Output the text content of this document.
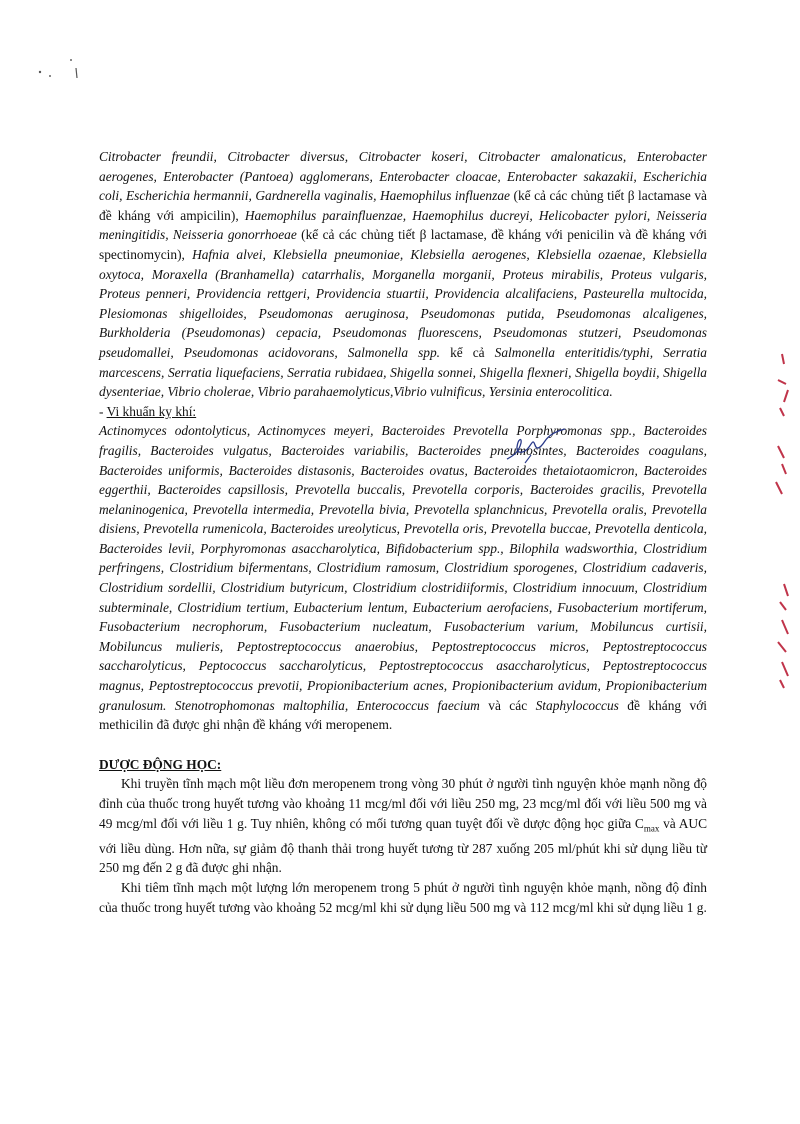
Citrobacter freundii, Citrobacter diversus, Citrobacter koseri, Citrobacter amalonaticus, Enterobacter aerogenes, Enterobacter (Pantoea) agglomerans, Enterobacter cloacae, Enterobacter sakazakii, Escherichia coli, Escherichia hermannii, Gardnerella vaginalis, Haemophilus influenzae (kể cả các chủng tiết β lactamase và đề kháng với ampicilin), Haemophilus parainfluenzae, Haemophilus ducreyi, Helicobacter pylori, Neisseria meningitidis, Neisseria gonorrhoeae (kể cả các chủng tiết β lactamase, đề kháng với penicilin và đề kháng với spectinomycin), Hafnia alvei, Klebsiella pneumoniae, Klebsiella aerogenes, Klebsiella ozaenae, Klebsiella oxytoca, Moraxella (Branhamella) catarrhalis, Morganella morganii, Proteus mirabilis, Proteus vulgaris, Proteus penneri, Providencia rettgeri, Providencia stuartii, Providencia alcalifaciens, Pasteurella multocida, Plesiomonas shigelloides, Pseudomonas aeruginosa, Pseudomonas putida, Pseudomonas alcaligenes, Burkholderia (Pseudomonas) cepacia, Pseudomonas fluorescens, Pseudomonas stutzeri, Pseudomonas pseudomallei, Pseudomonas acidovorans, Salmonella spp. kể cả Salmonella enteritidis/typhi, Serratia marcescens, Serratia liquefaciens, Serratia rubidaea, Shigella sonnei, Shigella flexneri, Shigella boydii, Shigella dysenteriae, Vibrio cholerae, Vibrio parahaemolyticus,Vibrio vulnificus, Yersinia enterocolitica.

- Vi khuẩn kỵ khí:

Actinomyces odontolyticus, Actinomyces meyeri, Bacteroides Prevotella Porphyromonas spp., Bacteroides fragilis, Bacteroides vulgatus, Bacteroides variabilis, Bacteroides pneumosintes, Bacteroides coagulans, Bacteroides uniformis, Bacteroides distasonis, Bacteroides ovatus, Bacteroides thetaiotaomicron, Bacteroides eggerthii, Bacteroides capsillosis, Prevotella buccalis, Prevotella corporis, Bacteroides gracilis, Prevotella melaninogenica, Prevotella intermedia, Prevotella bivia, Prevotella splanchnicus, Prevotella oralis, Prevotella disiens, Prevotella rumenicola, Bacteroides ureolyticus, Prevotella oris, Prevotella buccae, Prevotella denticola, Bacteroides levii, Porphyromonas asaccharolytica, Bifidobacterium spp., Bilophila wadsworthia, Clostridium perfringens, Clostridium bifermentans, Clostridium ramosum, Clostridium sporogenes, Clostridium cadaveris, Clostridium sordellii, Clostridium butyricum, Clostridium clostridiiformis, Clostridium innocuum, Clostridium subterminale, Clostridium tertium, Eubacterium lentum, Eubacterium aerofaciens, Fusobacterium mortiferum, Fusobacterium necrophorum, Fusobacterium nucleatum, Fusobacterium varium, Mobiluncus curtisii, Mobiluncus mulieris, Peptostreptococcus anaerobius, Peptostreptococcus micros, Peptostreptococcus saccharolyticus, Peptococcus saccharolyticus, Peptostreptococcus asaccharolyticus, Peptostreptococcus magnus, Peptostreptococcus prevotii, Propionibacterium acnes, Propionibacterium avidum, Propionibacterium granulosum. Stenotrophomonas maltophilia, Enterococcus faecium và các Staphylococcus đề kháng với methicilin đã được ghi nhận đề kháng với meropenem.

DƯỢC ĐỘNG HỌC:

Khi truyền tĩnh mạch một liều đơn meropenem trong vòng 30 phút ở người tình nguyện khỏe mạnh nồng độ đỉnh của thuốc trong huyết tương vào khoảng 11 mcg/ml đối với liều 250 mg, 23 mcg/ml đối với liều 500 mg và 49 mcg/ml đối với liều 1 g. Tuy nhiên, không có mối tương quan tuyệt đối về dược động học giữa $C_{max}$ và AUC với liều dùng. Hơn nữa, sự giảm độ thanh thải trong huyết tương từ 287 xuống 205 ml/phút khi sử dụng liều từ 250 mg đến 2 g đã được ghi nhận.

Khi tiêm tĩnh mạch một lượng lớn meropenem trong 5 phút ở người tình nguyện khỏe mạnh, nồng độ đỉnh của thuốc trong huyết tương vào khoảng 52 mcg/ml khi sử dụng liều 500 mg và 112 mcg/ml khi sử dụng liều 1 g.
